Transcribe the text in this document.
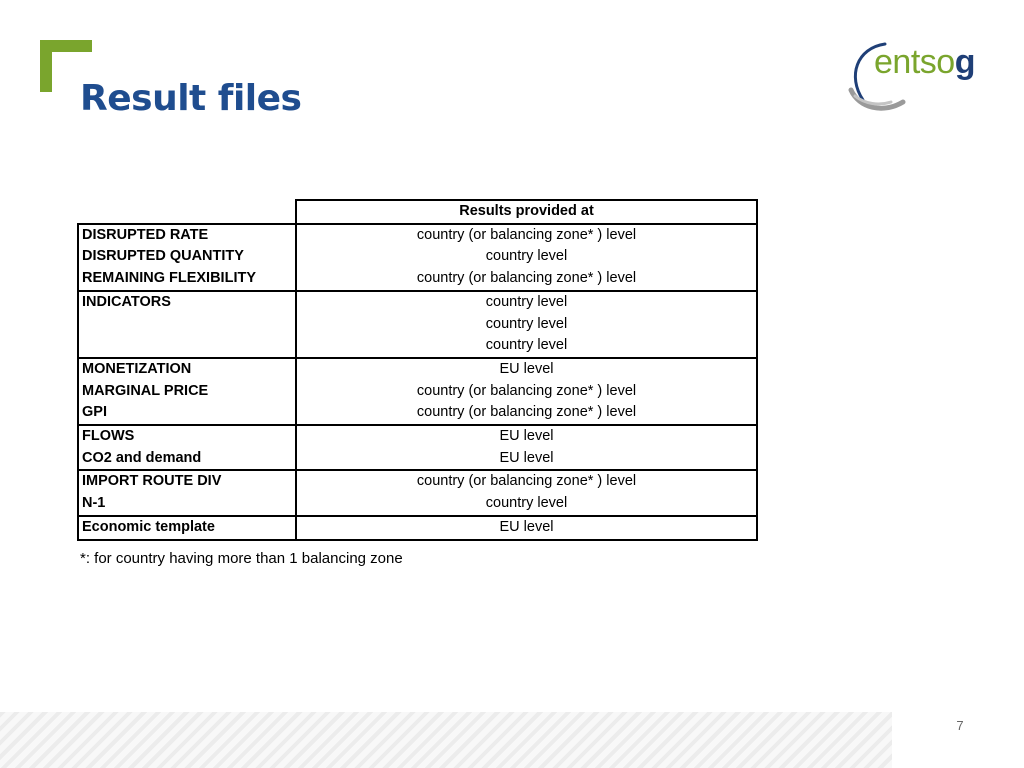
Result files
entsog
	Results provided at
DISRUPTED RATE	country (or balancing zone* ) level
DISRUPTED QUANTITY	country level
REMAINING FLEXIBILITY	country (or balancing zone* ) level
INDICATORS	country level
	country level
	country level
MONETIZATION	EU level
MARGINAL PRICE	country (or balancing zone* ) level
GPI	country (or balancing zone* ) level
FLOWS	EU level
CO2 and demand	EU level
IMPORT ROUTE DIV	country (or balancing zone* ) level
N-1	country level
Economic template	EU level
*: for country having more than 1 balancing zone
7
